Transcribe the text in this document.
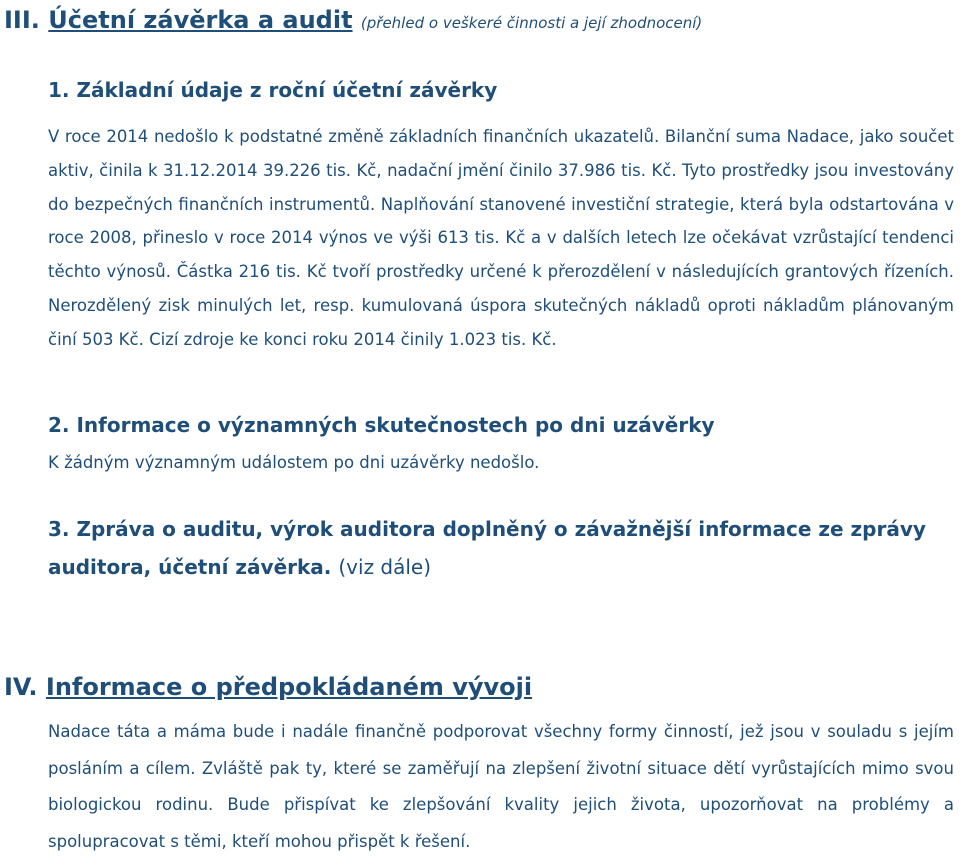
III. Účetní závěrka a audit (přehled o veškeré činnosti a její zhodnocení)
1. Základní údaje z roční účetní závěrky

V roce 2014 nedošlo k podstatné změně základních finančních ukazatelů. Bilanční suma Nadace, jako součet aktiv, činila k 31.12.2014 39.226 tis. Kč, nadační jmění činilo 37.986 tis. Kč. Tyto prostředky jsou investovány do bezpečných finančních instrumentů. Naplňování stanovené investiční strategie, která byla odstartována v roce 2008, přineslo v roce 2014 výnos ve výši 613 tis. Kč a v dalších letech lze očekávat vzrůstající tendenci těchto výnosů. Částka 216 tis. Kč tvoří prostředky určené k přerozdělení v následujících grantových řízeních. Nerozdělený zisk minulých let, resp. kumulovaná úspora skutečných nákladů oproti nákladům plánovaným činí 503 Kč. Cizí zdroje ke konci roku 2014 činily 1.023 tis. Kč.

2. Informace o významných skutečnostech po dni uzávěrky

K žádným významným událostem po dni uzávěrky nedošlo.

3. Zpráva o auditu, výrok auditora doplněný o závažnější informace ze zprávy
auditora, účetní závěrka. (viz dále)
IV. Informace o předpokládaném vývoji

Nadace táta a máma bude i nadále finančně podporovat všechny formy činností, jež jsou v souladu s jejím posláním a cílem. Zvláště pak ty, které se zaměřují na zlepšení životní situace dětí vyrůstajících mimo svou biologickou rodinu. Bude přispívat ke zlepšování kvality jejich života, upozorňovat na problémy a spolupracovat s těmi, kteří mohou přispět k řešení.
